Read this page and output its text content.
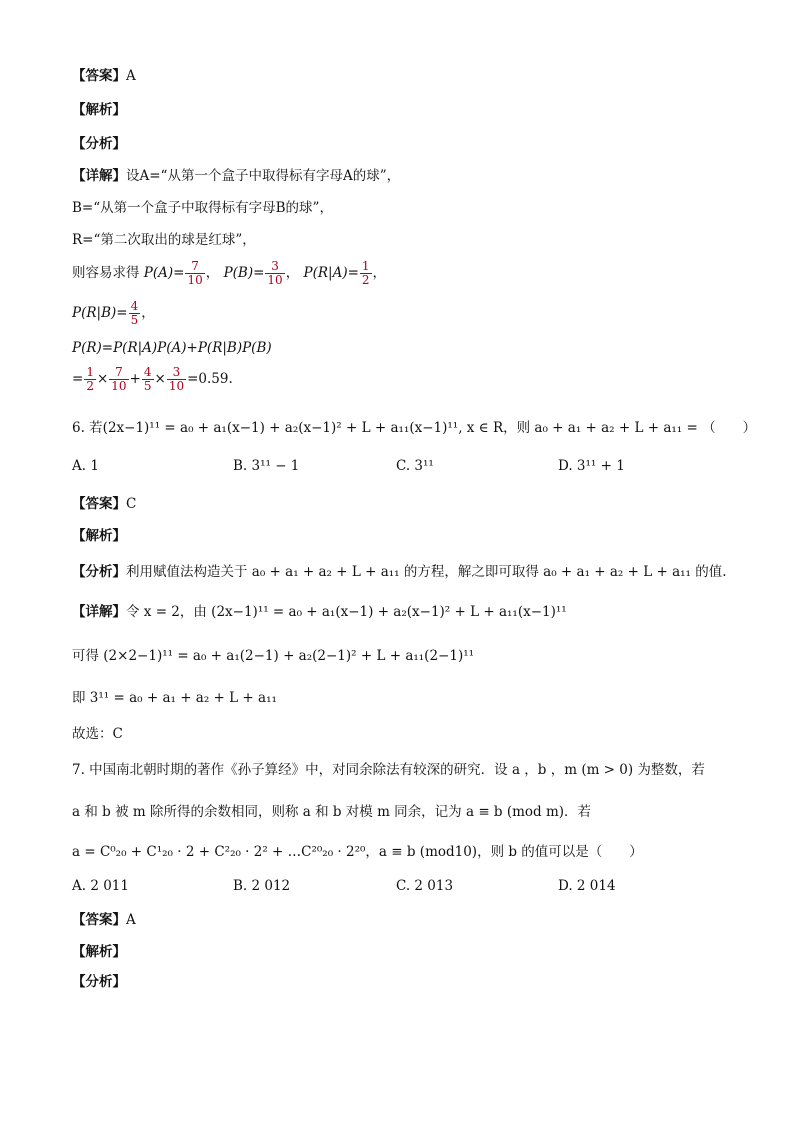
【答案】A
【解析】
【分析】
【详解】设A=“从第一个盒子中取得标有字母A的球”，
B=“从第一个盒子中取得标有字母B的球”，
R=“第二次取出的球是红球”，
则容易求得 $P(A)= \frac{7}{10}$ ， $P(B)= \frac{3}{10}$ ， $P(R|A)= \frac{1}{2}$ ，
$P(R|B)= \frac{4}{5}$ ，
P(R)=P(R|A)P(A)+P(R|B)P(B)
= $\frac{1}{2} \times \frac{7}{10} + \frac{4}{5} \times \frac{3}{10} =0.59$.
6. 若(2x−1)¹¹ = a₀ + a₁(x−1) + a₂(x−1)² + L + a₁₁(x−1)¹¹, x ∈ R，则 a₀ + a₁ + a₂ + L + a₁₁ = （　　）
A. 1	B. 3¹¹ − 1	C. 3¹¹	D. 3¹¹ + 1
【答案】C
【解析】
【分析】利用赋值法构造关于 a₀ + a₁ + a₂ + L + a₁₁ 的方程，解之即可取得 a₀ + a₁ + a₂ + L + a₁₁ 的值.
【详解】令 x = 2，由 (2x−1)¹¹ = a₀ + a₁(x−1) + a₂(x−1)² + L + a₁₁(x−1)¹¹
可得 (2×2−1)¹¹ = a₀ + a₁(2−1) + a₂(2−1)² + L + a₁₁(2−1)¹¹
即 3¹¹ = a₀ + a₁ + a₂ + L + a₁₁
故选：C
7. 中国南北朝时期的著作《孙子算经》中，对同余除法有较深的研究．设 a ，b ，m (m > 0) 为整数，若
a 和 b 被 m 除所得的余数相同，则称 a 和 b 对模 m 同余，记为 a ≡ b (mod m)．若
a = C⁰₂₀ + C¹₂₀ · 2 + C²₂₀ · 2² + …C²⁰₂₀ · 2²⁰，a ≡ b (mod10)，则 b 的值可以是（　　）
A. 2 011	B. 2 012	C. 2 013	D. 2 014
【答案】A
【解析】
【分析】
